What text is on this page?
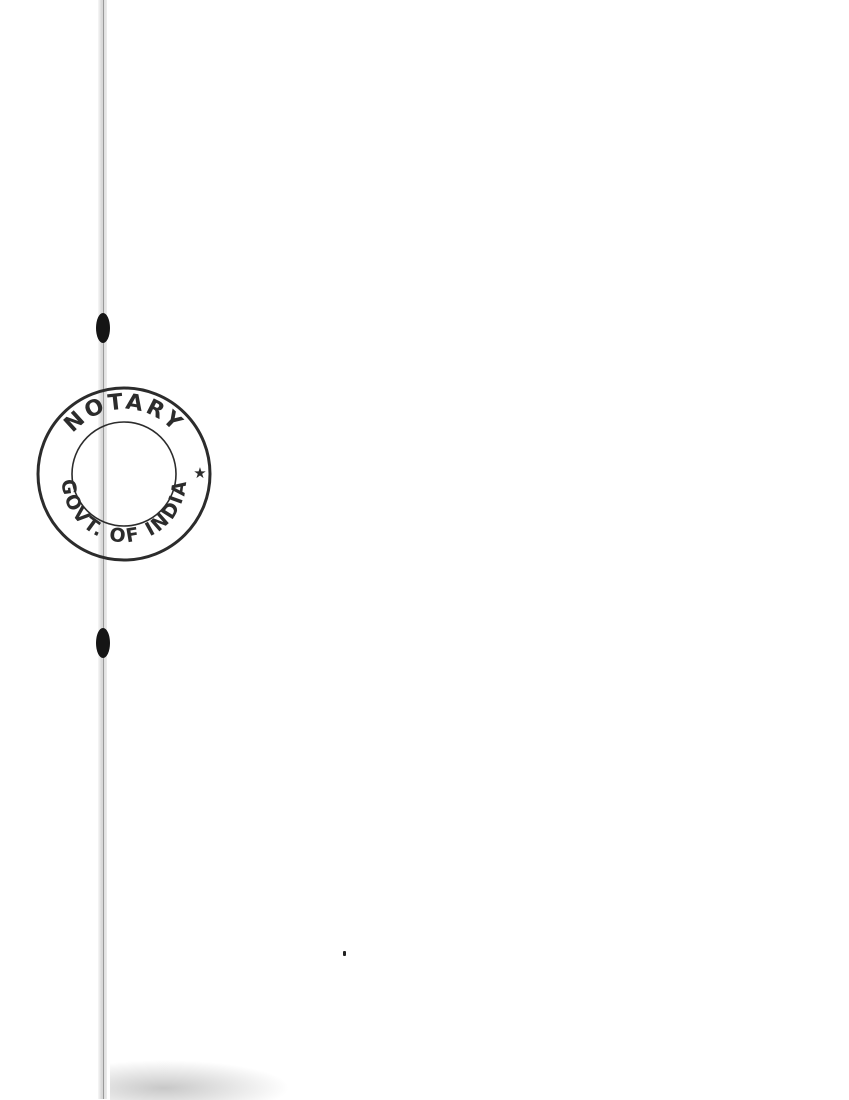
NOTARY
GOVT. OF INDIA
★
